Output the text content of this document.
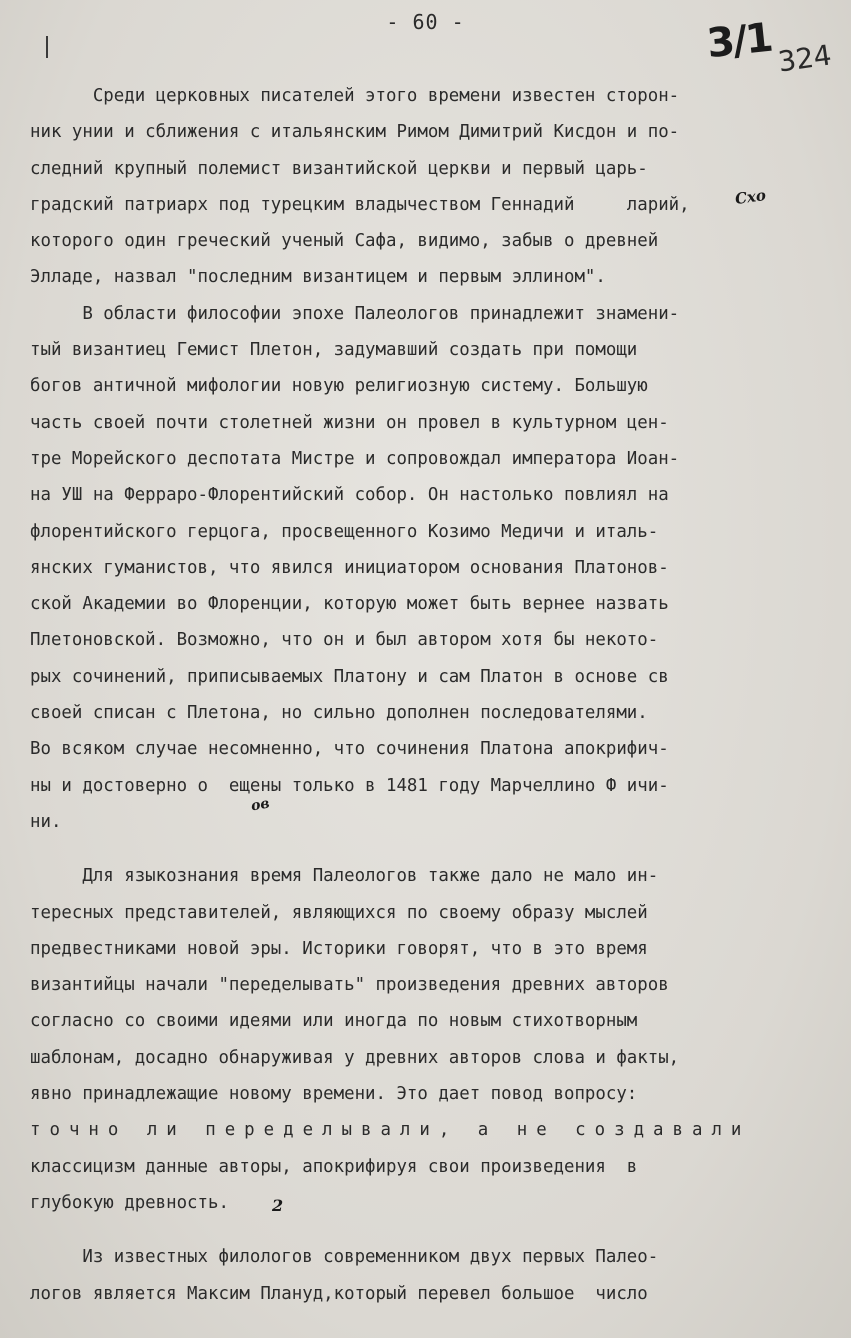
- 60 -	3/1 324
Среди церковных писателей этого времени известен сторон-
ник унии и сближения с итальянским Римом Димитрий Кисдон и по-
следний крупный полемист византийской церкви и первый царь-
градский патриарх под турецким владычеством Геннадий     ларий,
которого один греческий ученый Сафа, видимо, забыв о древней
Элладе, назвал "последним византицем и первым эллином".
В области философии эпохе Палеологов принадлежит знамени-
тый византиец Гемист Плетон, задумавший создать при помощи
богов античной мифологии новую религиозную систему. Большую
часть своей почти столетней жизни он провел в культурном цен-
тре Морейского деспотата Мистре и сопровождал императора Иоан-
на УШ на Ферраро-Флорентийский собор. Он настолько повлиял на
флорентийского герцога, просвещенного Козимо Медичи и италь-
янских гуманистов, что явился инициатором основания Платонов-
ской Академии во Флоренции, которую может быть вернее назвать
Плетоновской. Возможно, что он и был автором хотя бы некото-
рых сочинений, приписываемых Платону и сам Платон в основе св
своей списан с Плетона, но сильно дополнен последователями.
Во всяком случае несомненно, что сочинения Платона апокрифич-
ны и достоверно о  ещены только в 1481 году Марчеллино Ф ичи-
ни.
Для языкознания время Палеологов также дало не мало ин-
тересных представителей, являющихся по своему образу мыслей
предвестниками новой эры. Историки говорят, что в это время
византийцы начали "переделывать" произведения древних авторов
согласно со своими идеями или иногда по новым стихотворным
шаблонам, досадно обнаруживая у древних авторов слова и факты,
явно принадлежащие новому времени. Это дает повод вопросу:
точно ли переделывали, а не создавали
классицизм данные авторы, апокрифируя свои произведения  в
глубокую древность.
Из известных филологов современником двух первых Палео-
логов является Максим Плануд,который перевел большое  число
Схо
ов
2
